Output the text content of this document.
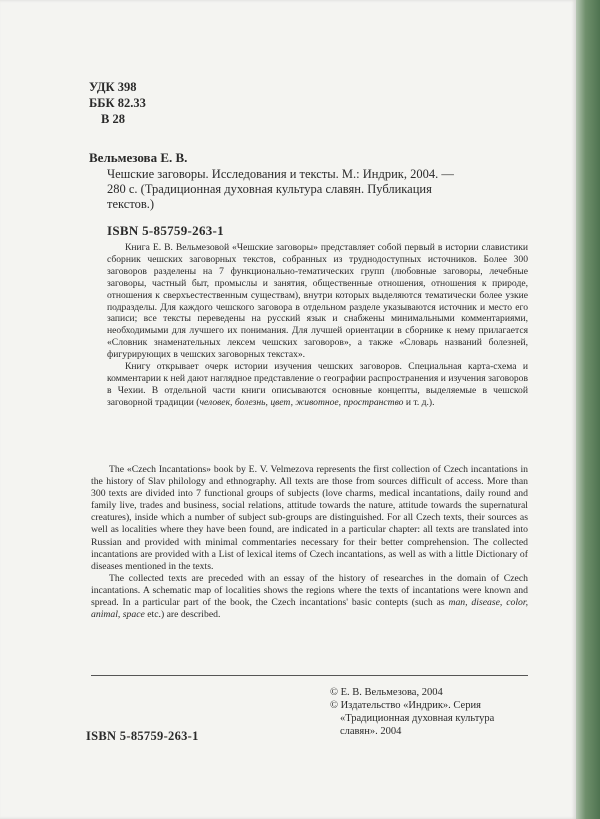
УДК 398
ББК 82.33
В 28
Вельмезова Е. В.
Чешские заговоры. Исследования и тексты. М.: Индрик, 2004. —
280 с. (Традиционная духовная культура славян. Публикация
текстов.)
ISBN 5-85759-263-1

Книга Е. В. Вельмезовой «Чешские заговоры» представляет собой первый в истории славистики сборник чешских заговорных текстов, собранных из труднодоступных источников. Более 300 заговоров разделены на 7 функционально-тематических групп (любовные заговоры, лечебные заговоры, частный быт, промыслы и занятия, общественные отношения, отношения к природе, отношения к сверхъестественным существам), внутри которых выделяются тематически более узкие подразделы. Для каждого чешского заговора в отдельном разделе указываются источник и место его записи; все тексты переведены на русский язык и снабжены минимальными комментариями, необходимыми для лучшего их понимания. Для лучшей ориентации в сборнике к нему прилагается «Словник знаменательных лексем чешских заговоров», а также «Словарь названий болезней, фигурирующих в чешских заговорных текстах».

Книгу открывает очерк истории изучения чешских заговоров. Специальная карта-схема и комментарии к ней дают наглядное представление о географии распространения и изучения заговоров в Чехии. В отдельной части книги описываются основные концепты, выделяемые в чешской заговорной традиции (человек, болезнь, цвет, животное, пространство и т. д.).

The «Czech Incantations» book by E. V. Velmezova represents the first collection of Czech incantations in the history of Slav philology and ethnography. All texts are those from sources difficult of access. More than 300 texts are divided into 7 functional groups of subjects (love charms, medical incantations, daily round and family live, trades and business, social relations, attitude towards the nature, attitude towards the supernatural creatures), inside which a number of subject sub-groups are distinguished. For all Czech texts, their sources as well as localities where they have been found, are indicated in a particular chapter: all texts are translated into Russian and provided with minimal commentaries necessary for their better comprehension. The collected incantations are provided with a List of lexical items of Czech incantations, as well as with a little Dictionary of diseases mentioned in the texts.

The collected texts are preceded with an essay of the history of researches in the domain of Czech incantations. A schematic map of localities shows the regions where the texts of incantations were known and spread. In a particular part of the book, the Czech incantations' basic contepts (such as man, disease, color, animal, space etc.) are described.

© Е. В. Вельмезова, 2004
© Издательство «Индрик». Серия
«Традиционная духовная культура
славян». 2004
ISBN 5-85759-263-1
